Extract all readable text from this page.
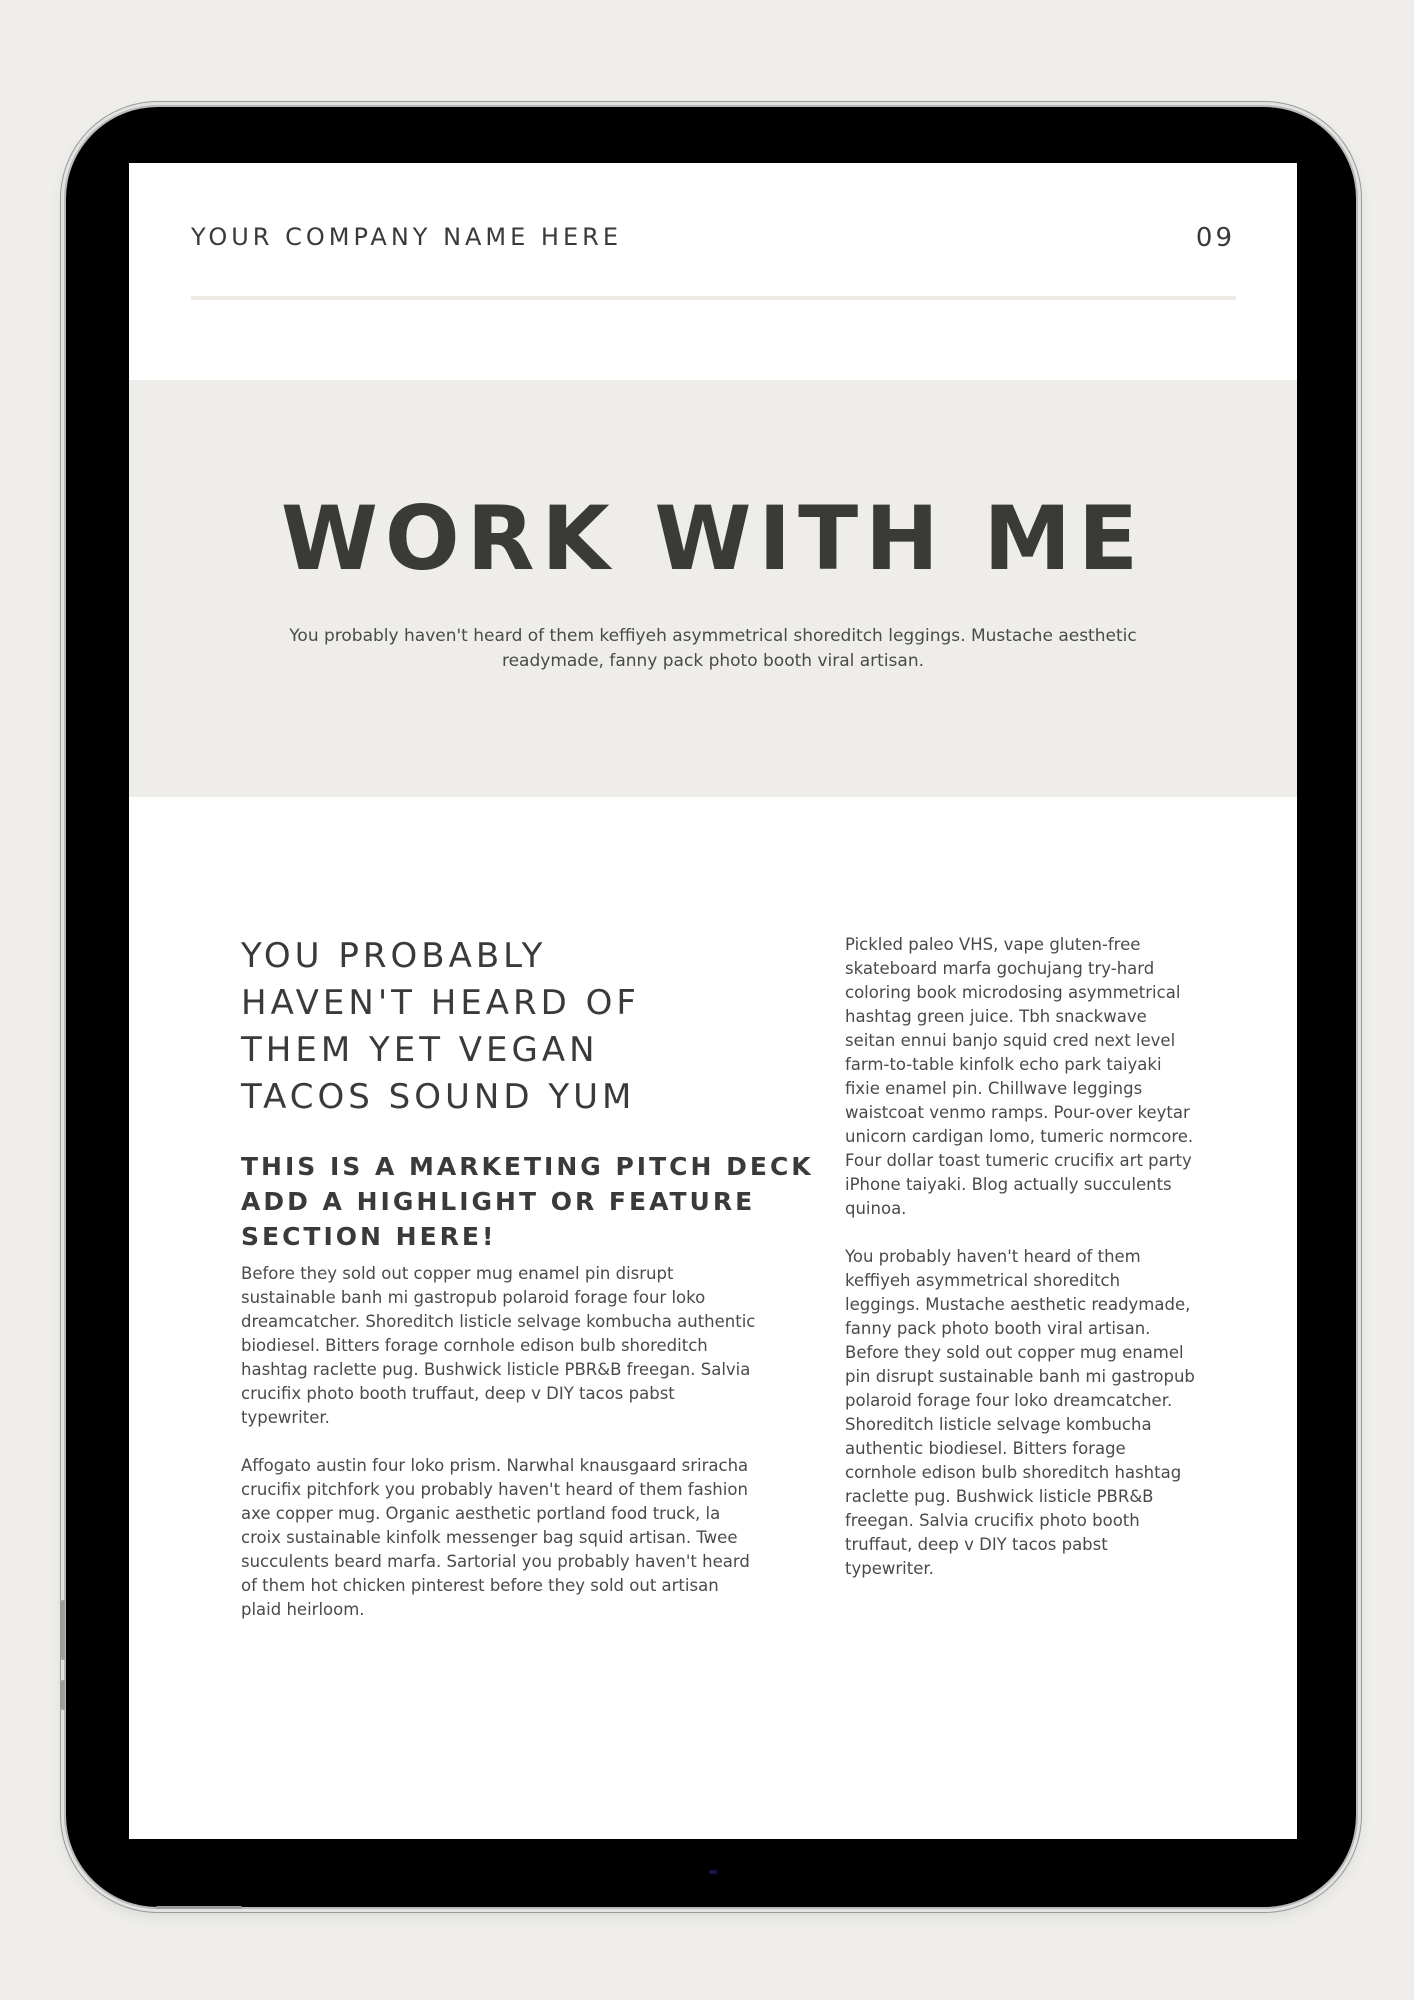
YOUR COMPANY NAME HERE	09
WORK WITH ME
You probably haven't heard of them keffiyeh asymmetrical shoreditch leggings. Mustache aesthetic readymade, fanny pack photo booth viral artisan.
YOU PROBABLY HAVEN'T HEARD OF THEM YET VEGAN TACOS SOUND YUM
THIS IS A MARKETING PITCH DECK ADD A HIGHLIGHT OR FEATURE SECTION HERE!

Before they sold out copper mug enamel pin disrupt sustainable banh mi gastropub polaroid forage four loko dreamcatcher. Shoreditch listicle selvage kombucha authentic biodiesel. Bitters forage cornhole edison bulb shoreditch hashtag raclette pug. Bushwick listicle PBR&B freegan. Salvia crucifix photo booth truffaut, deep v DIY tacos pabst typewriter.

Affogato austin four loko prism. Narwhal knausgaard sriracha crucifix pitchfork you probably haven't heard of them fashion axe copper mug. Organic aesthetic portland food truck, la croix sustainable kinfolk messenger bag squid artisan. Twee succulents beard marfa. Sartorial you probably haven't heard of them hot chicken pinterest before they sold out artisan plaid heirloom.

Pickled paleo VHS, vape gluten-free skateboard marfa gochujang try-hard coloring book microdosing asymmetrical hashtag green juice. Tbh snackwave seitan ennui banjo squid cred next level farm-to-table kinfolk echo park taiyaki fixie enamel pin. Chillwave leggings waistcoat venmo ramps. Pour-over keytar unicorn cardigan lomo, tumeric normcore. Four dollar toast tumeric crucifix art party iPhone taiyaki. Blog actually succulents quinoa.

You probably haven't heard of them keffiyeh asymmetrical shoreditch leggings. Mustache aesthetic readymade, fanny pack photo booth viral artisan. Before they sold out copper mug enamel pin disrupt sustainable banh mi gastropub polaroid forage four loko dreamcatcher. Shoreditch listicle selvage kombucha authentic biodiesel. Bitters forage cornhole edison bulb shoreditch hashtag raclette pug. Bushwick listicle PBR&B freegan. Salvia crucifix photo booth truffaut, deep v DIY tacos pabst typewriter.
